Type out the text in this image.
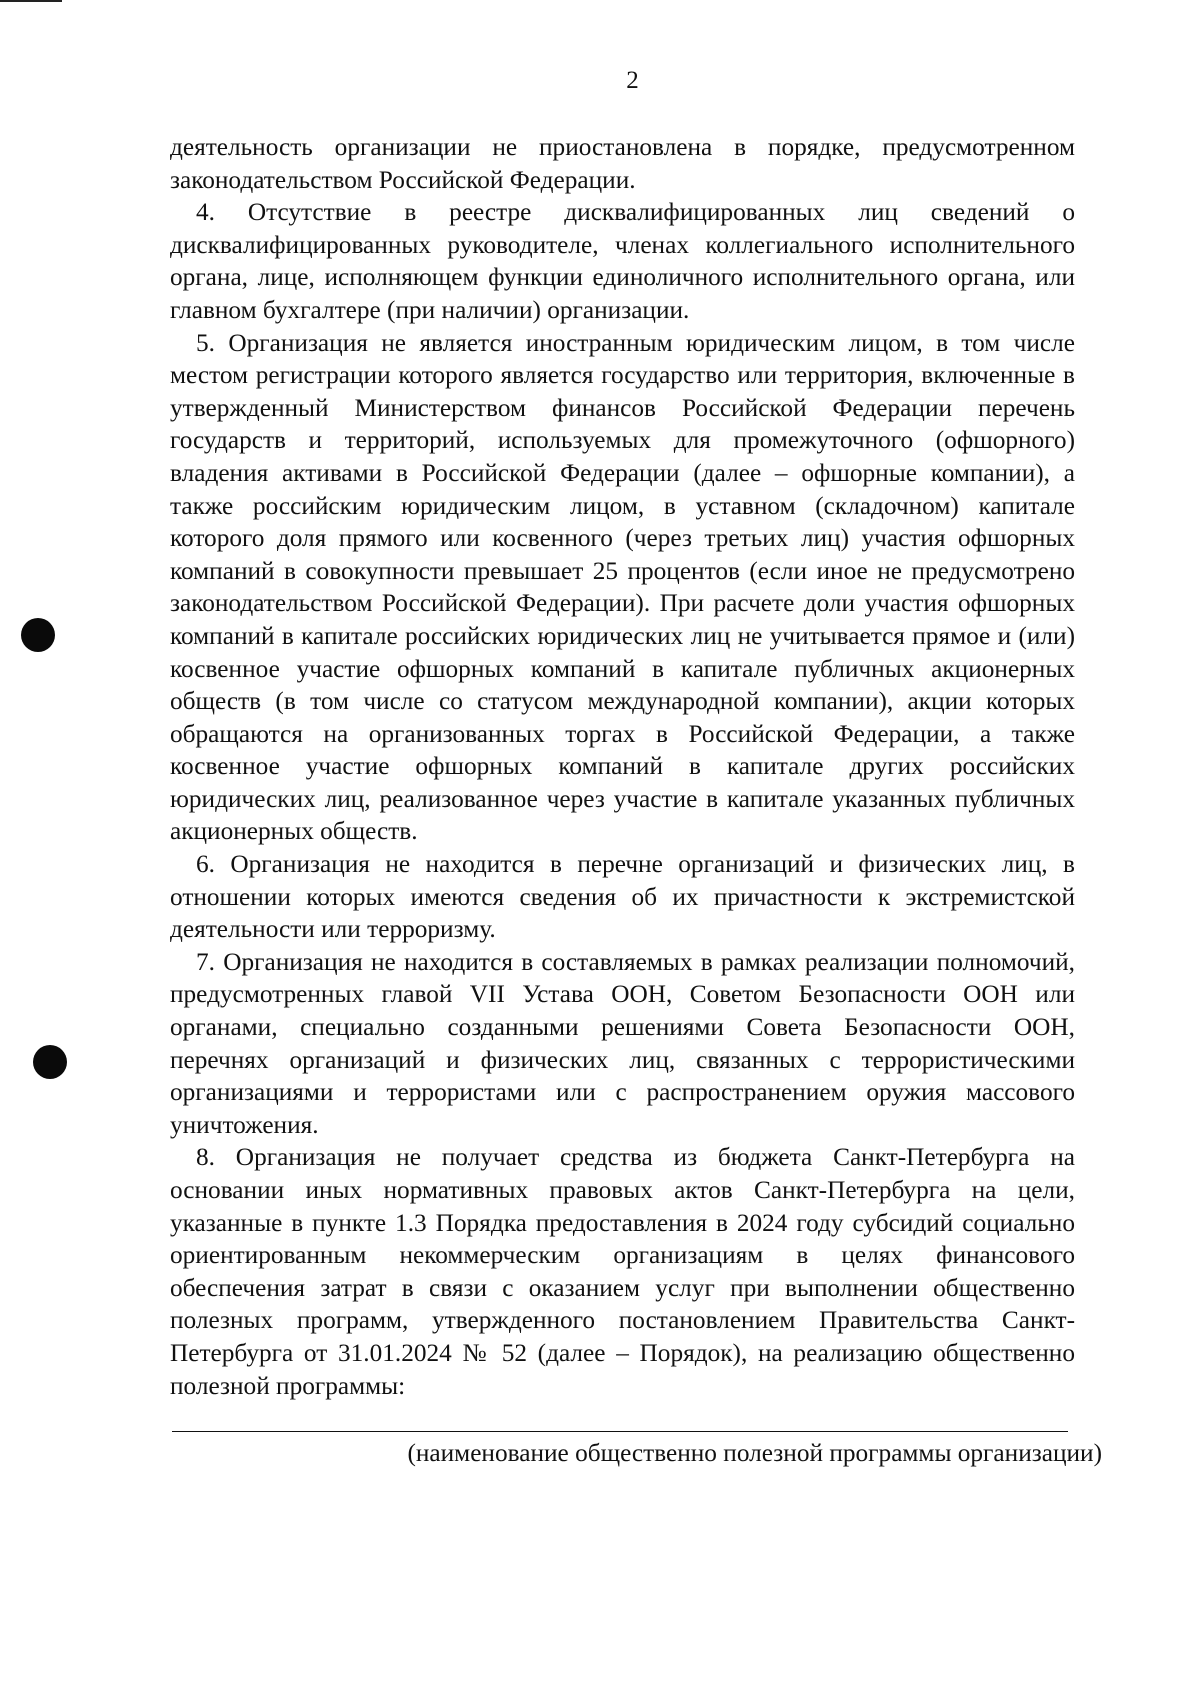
2

деятельность организации не приостановлена в порядке, предусмотренном законодательством Российской Федерации.

4. Отсутствие в реестре дисквалифицированных лиц сведений о дисквалифицированных руководителе, членах коллегиального исполнительного органа, лице, исполняющем функции единоличного исполнительного органа, или главном бухгалтере (при наличии) организации.

5. Организация не является иностранным юридическим лицом, в том числе местом регистрации которого является государство или территория, включенные в утвержденный Министерством финансов Российской Федерации перечень государств и территорий, используемых для промежуточного (офшорного) владения активами в Российской Федерации (далее – офшорные компании), а также российским юридическим лицом, в уставном (складочном) капитале которого доля прямого или косвенного (через третьих лиц) участия офшорных компаний в совокупности превышает 25 процентов (если иное не предусмотрено законодательством Российской Федерации). При расчете доли участия офшорных компаний в капитале российских юридических лиц не учитывается прямое и (или) косвенное участие офшорных компаний в капитале публичных акционерных обществ (в том числе со статусом международной компании), акции которых обращаются на организованных торгах в Российской Федерации, а также косвенное участие офшорных компаний в капитале других российских юридических лиц, реализованное через участие в капитале указанных публичных акционерных обществ.

6. Организация не находится в перечне организаций и физических лиц, в отношении которых имеются сведения об их причастности к экстремистской деятельности или терроризму.

7. Организация не находится в составляемых в рамках реализации полномочий, предусмотренных главой VII Устава ООН, Советом Безопасности ООН или органами, специально созданными решениями Совета Безопасности ООН, перечнях организаций и физических лиц, связанных с террористическими организациями и террористами или с распространением оружия массового уничтожения.

8. Организация не получает средства из бюджета Санкт-Петербурга на основании иных нормативных правовых актов Санкт-Петербурга на цели, указанные в пункте 1.3 Порядка предоставления в 2024 году субсидий социально ориентированным некоммерческим организациям в целях финансового обеспечения затрат в связи с оказанием услуг при выполнении общественно полезных программ, утвержденного постановлением Правительства Санкт-Петербурга от 31.01.2024 № 52 (далее – Порядок), на реализацию общественно полезной программы:

(наименование общественно полезной программы организации)
